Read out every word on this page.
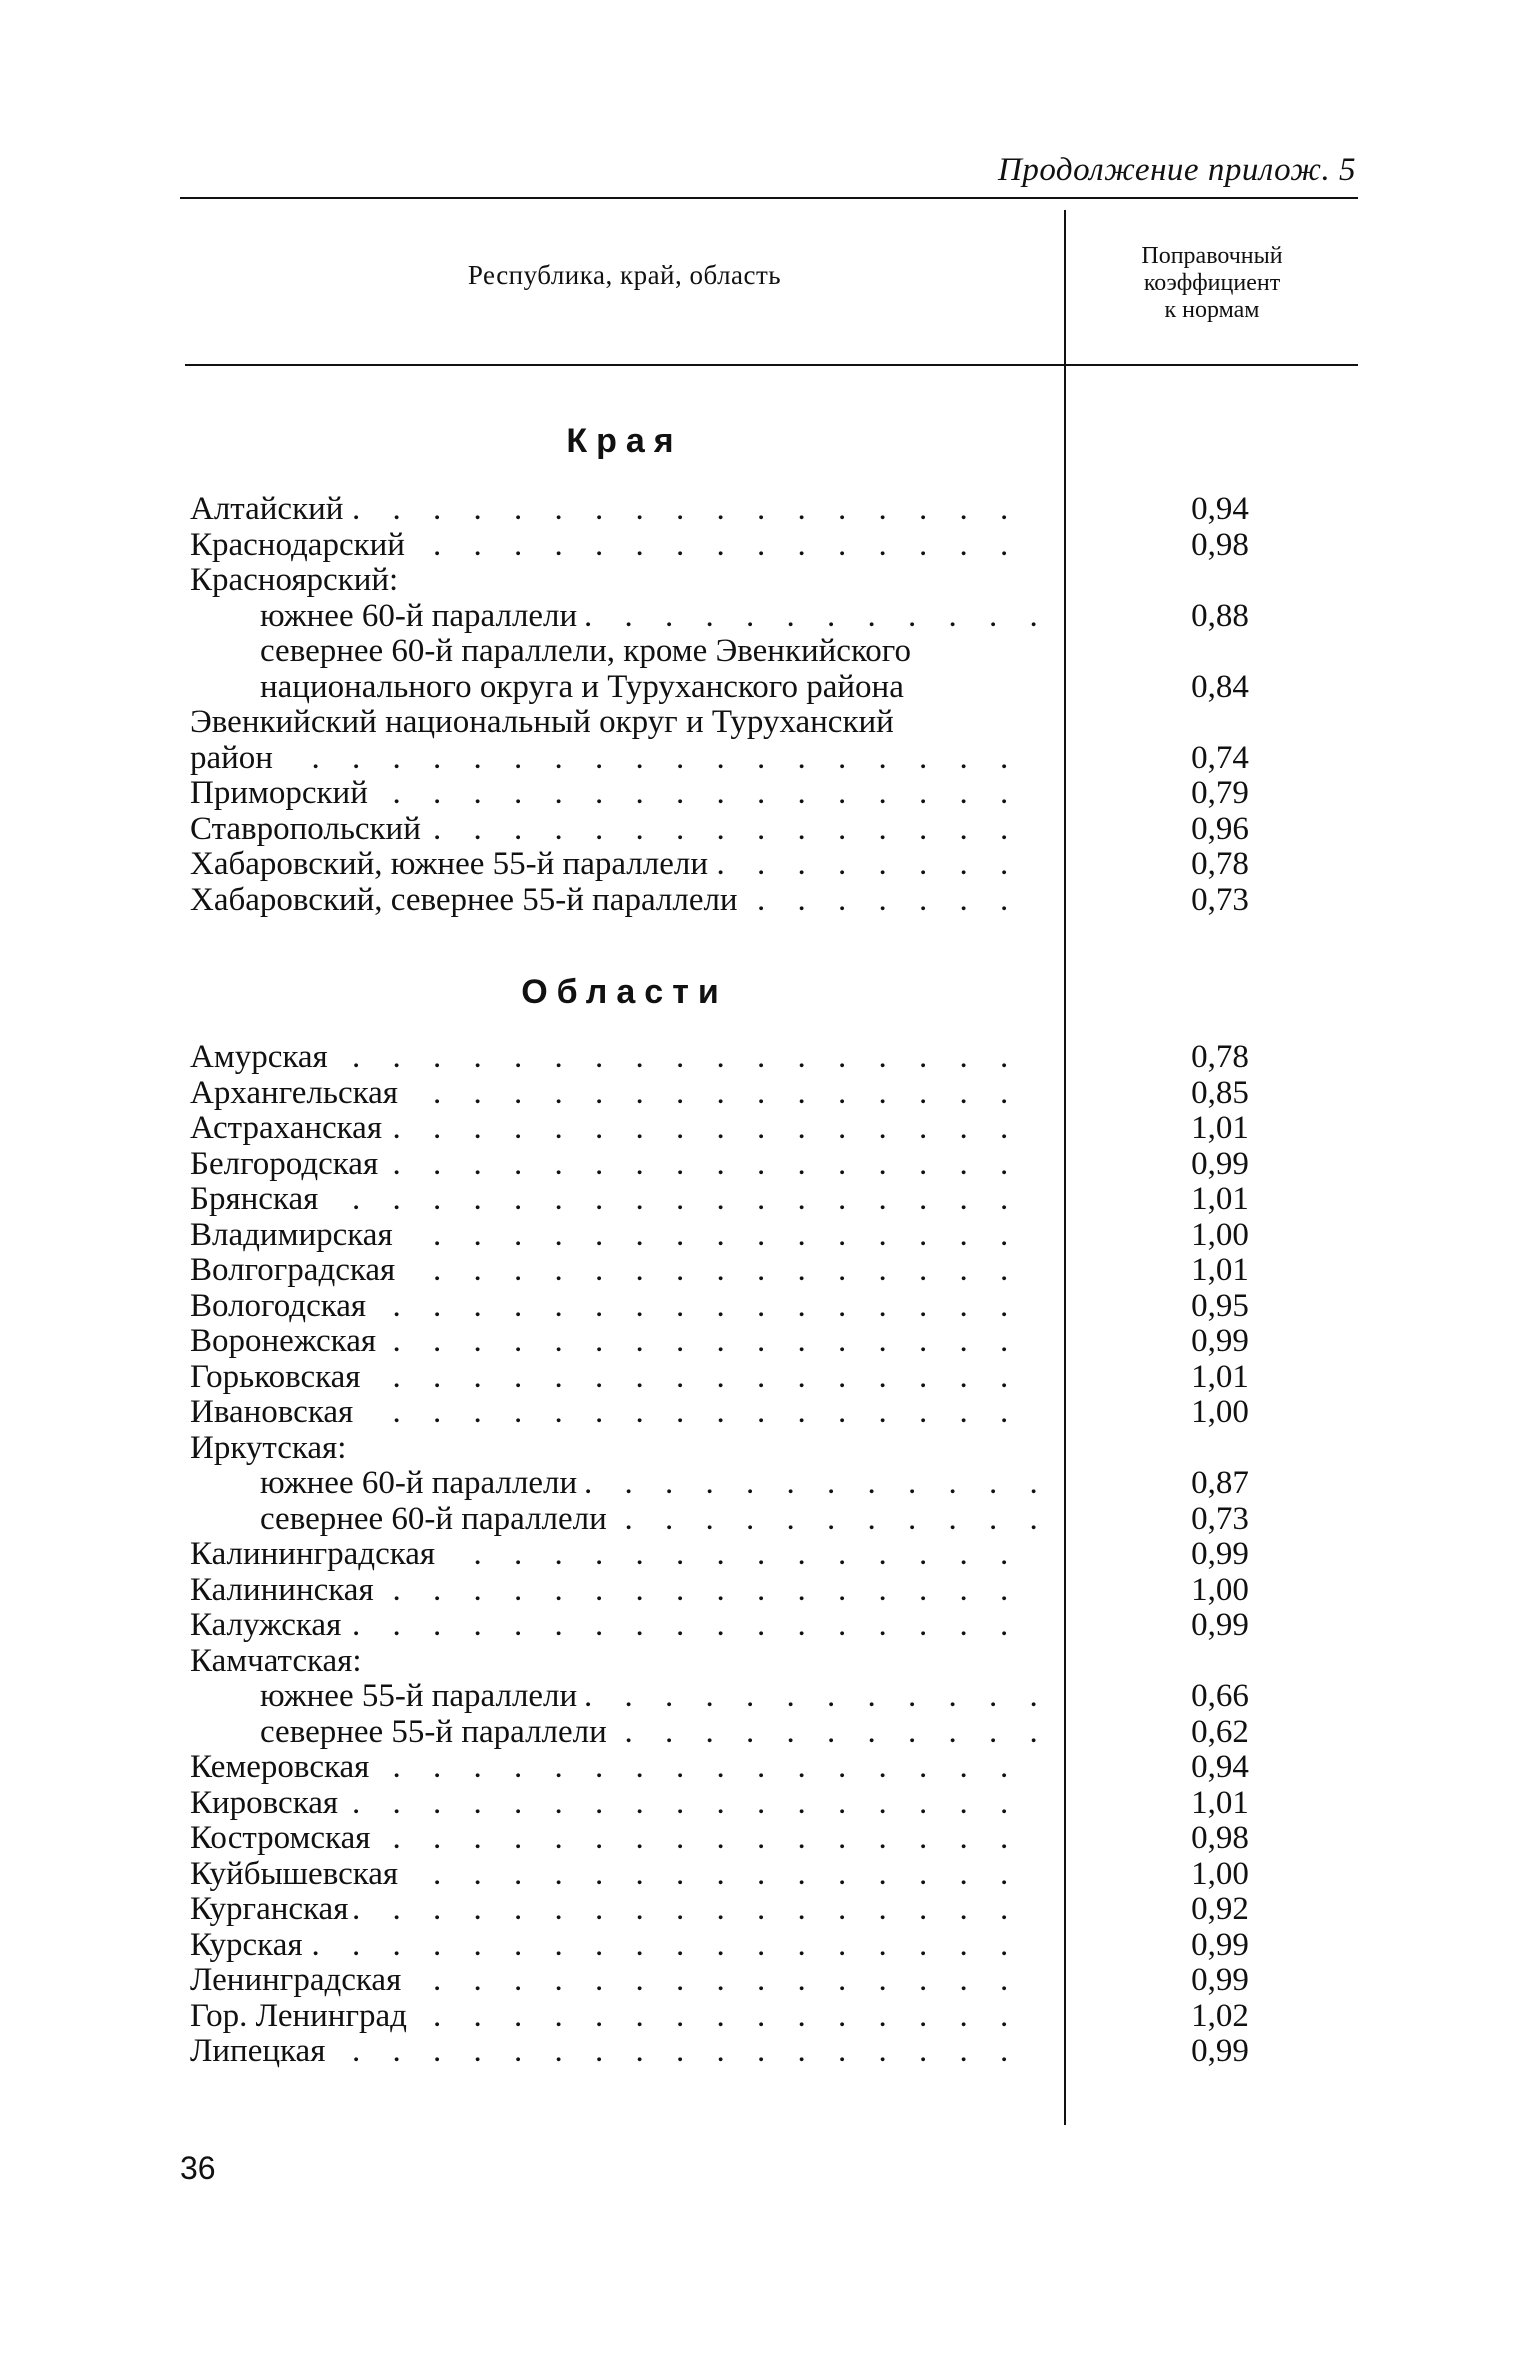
Продолжение прилож. 5
Республика, край, область
Поправочный
коэффициент
к нормам
Края
Алтайский . . .	0,94
Краснодарский . . .	0,98
Красноярский:
южнее 60-й параллели . . .	0,88
севернее 60-й параллели, кроме Эвенкийского
национального округа и Туруханского района	0,84
Эвенкийский национальный округ и Туруханский
район . . .	0,74
Приморский . . .	0,79
Ставропольский . . .	0,96
Хабаровский, южнее 55-й параллели . . .	0,78
Хабаровский, севернее 55-й параллели . . .	0,73
Области
Амурская . . .	0,78
Архангельская . . .	0,85
Астраханская . . .	1,01
Белгородская . . .	0,99
Брянская . . .	1,01
Владимирская . . .	1,00
Волгоградская . . .	1,01
Вологодская . . .	0,95
Воронежская . . .	0,99
Горьковская . . .	1,01
Ивановская . . .	1,00
Иркутская:
южнее 60-й параллели . . .	0,87
севернее 60-й параллели . . .	0,73
Калининградская . . .	0,99
Калининская . . .	1,00
Калужская . . .	0,99
Камчатская:
южнее 55-й параллели . . .	0,66
севернее 55-й параллели . . .	0,62
Кемеровская . . .	0,94
Кировская . . .	1,01
Костромская . . .	0,98
Куйбышевская . . .	1,00
Курганская . . .	0,92
Курская . . .	0,99
Ленинградская . . .	0,99
Гор. Ленинград . . .	1,02
Липецкая . . .	0,99
36
